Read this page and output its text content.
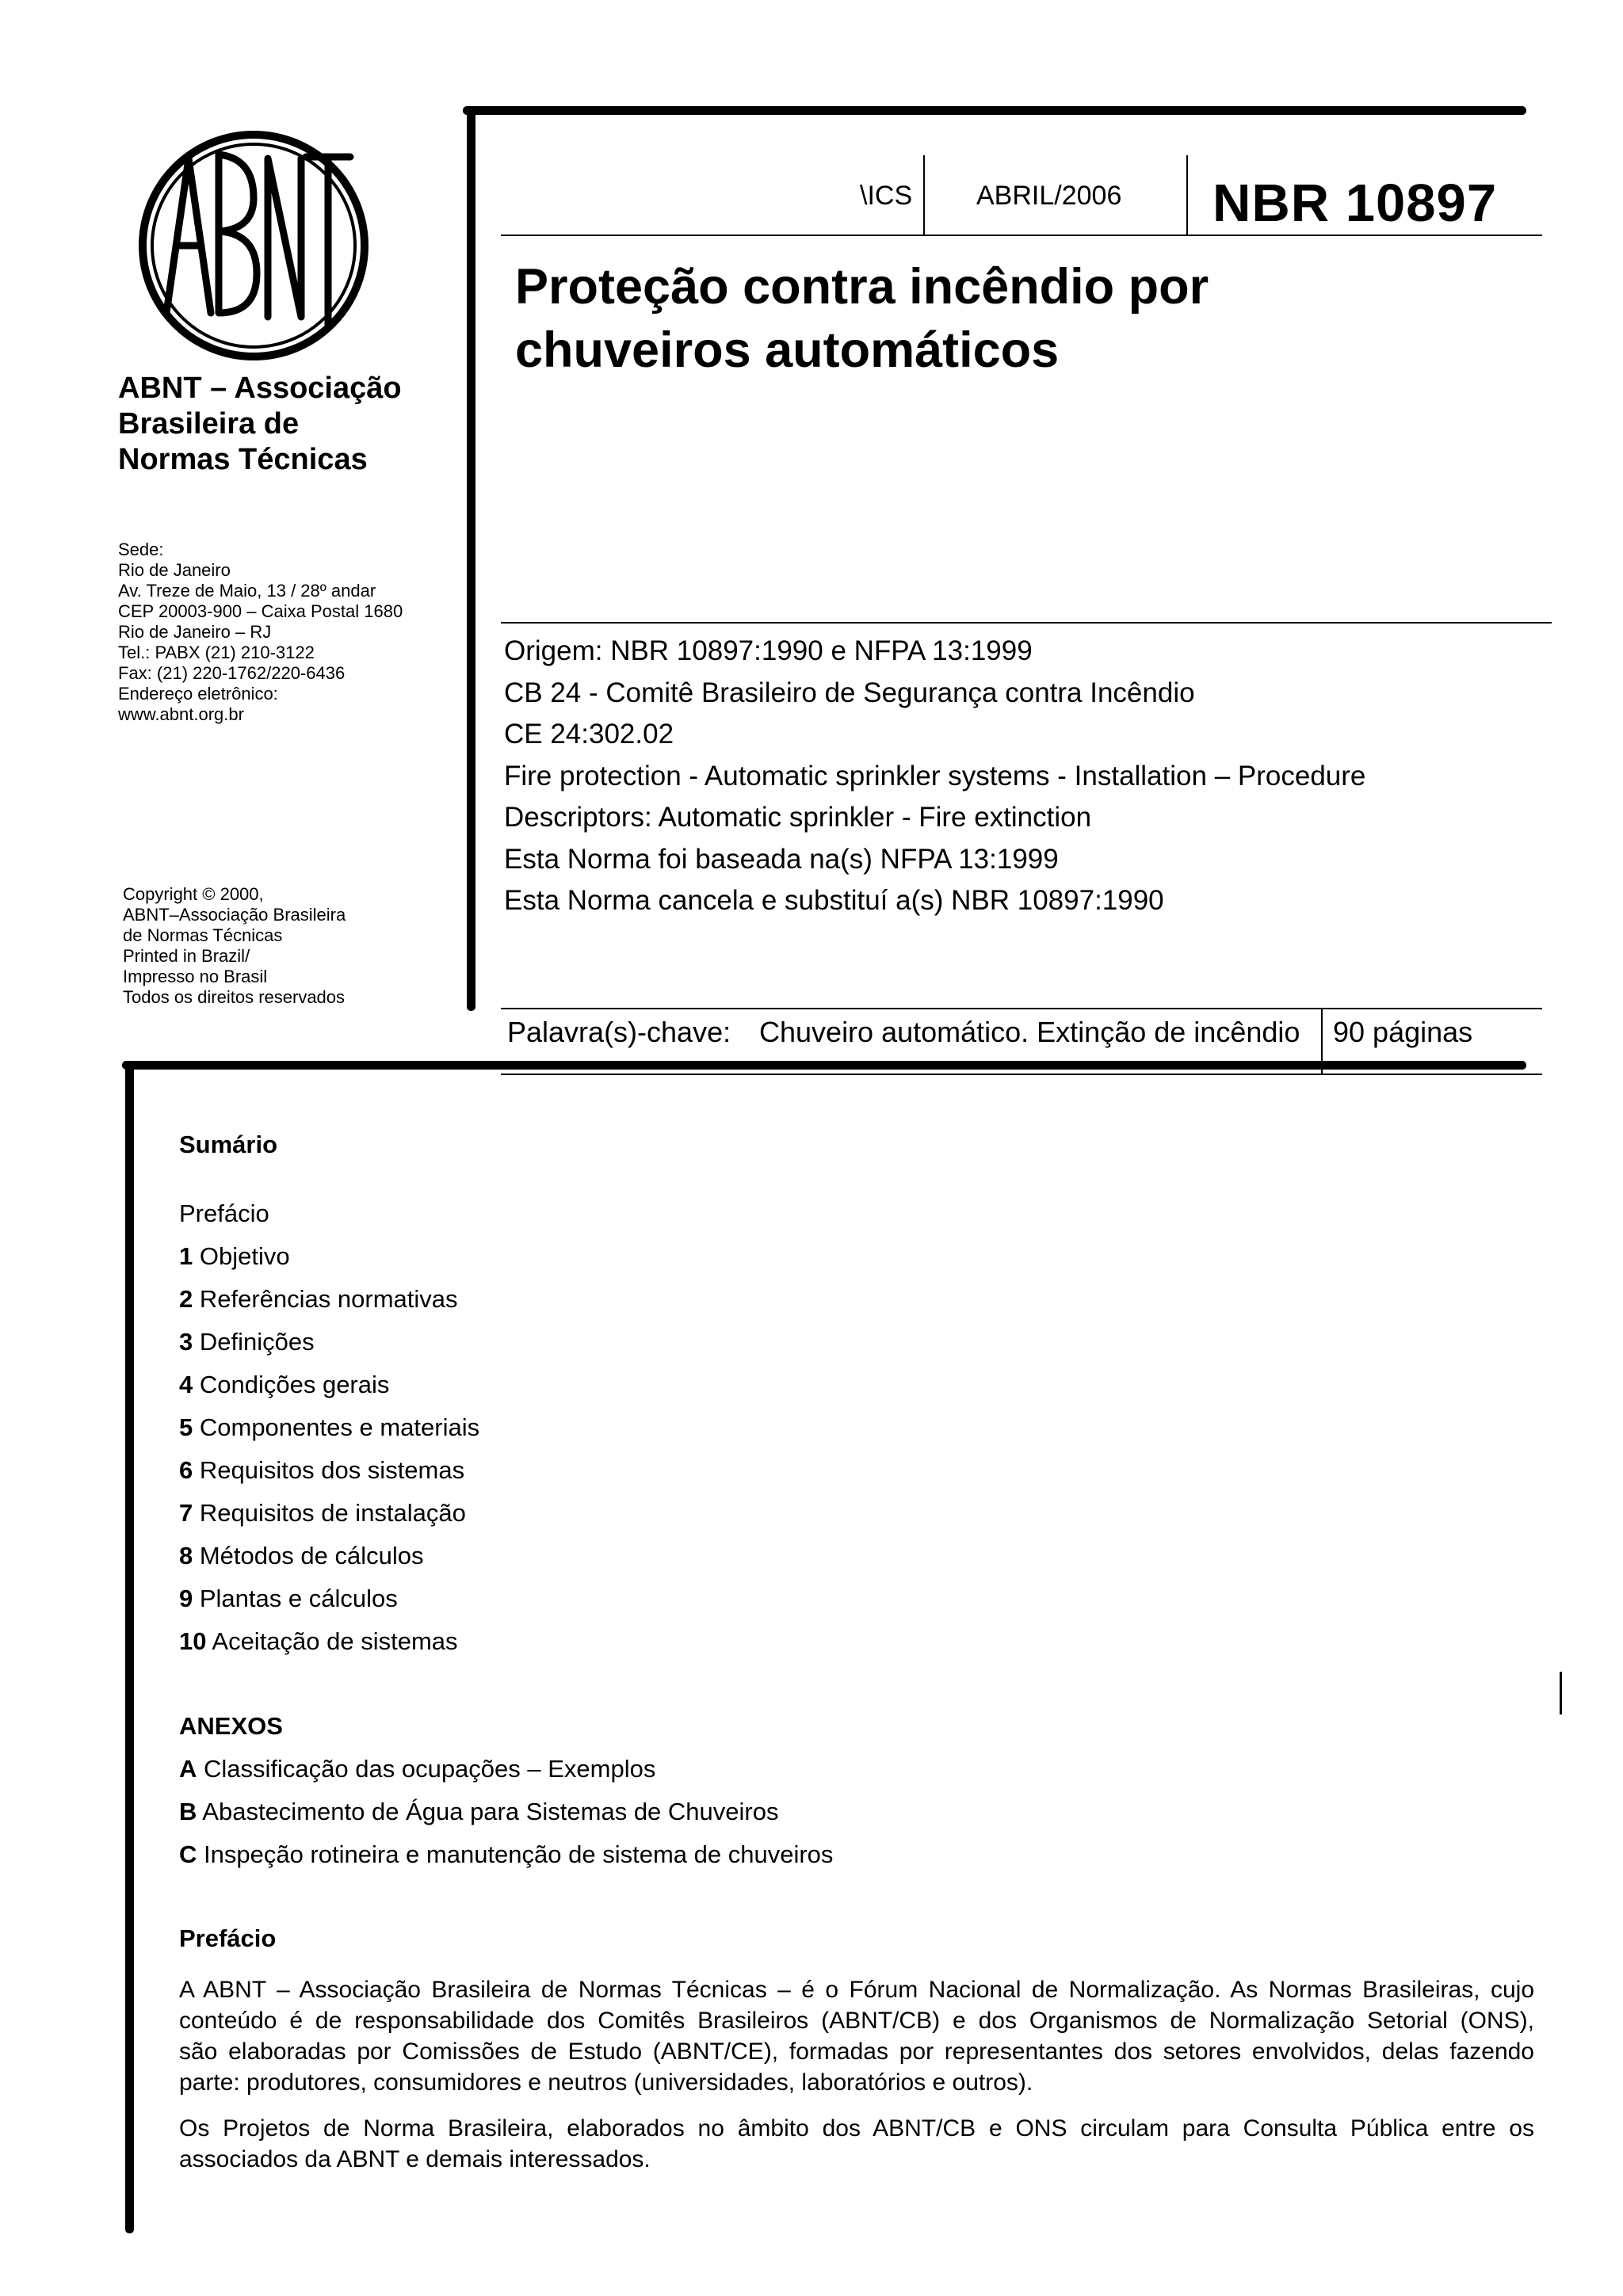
ABNT – Associação
Brasileira de
Normas Técnicas
Sede:
Rio de Janeiro
Av. Treze de Maio, 13 / 28º andar
CEP 20003-900 – Caixa Postal 1680
Rio de Janeiro – RJ
Tel.: PABX (21) 210-3122
Fax: (21) 220-1762/220-6436
Endereço eletrônico:
www.abnt.org.br
Copyright © 2000,
ABNT–Associação Brasileira
de Normas Técnicas
Printed in Brazil/
Impresso no Brasil
Todos os direitos reservados
\ICS ABRIL/2006 NBR 10897
Proteção contra incêndio por
chuveiros automáticos
Origem: NBR 10897:1990 e NFPA 13:1999
CB 24 - Comitê Brasileiro de Segurança contra Incêndio
CE 24:302.02
Fire protection - Automatic sprinkler systems - Installation – Procedure
Descriptors: Automatic sprinkler - Fire extinction
Esta Norma foi baseada na(s) NFPA 13:1999
Esta Norma cancela e substituí a(s) NBR 10897:1990
Palavra(s)-chave: Chuveiro automático. Extinção de incêndio 90 páginas
Sumário
Prefácio
1 Objetivo
2 Referências normativas
3 Definições
4 Condições gerais
5 Componentes e materiais
6 Requisitos dos sistemas
7 Requisitos de instalação
8 Métodos de cálculos
9 Plantas e cálculos
10 Aceitação de sistemas
ANEXOS
A Classificação das ocupações – Exemplos
B Abastecimento de Água para Sistemas de Chuveiros
C Inspeção rotineira e manutenção de sistema de chuveiros
Prefácio
A ABNT – Associação Brasileira de Normas Técnicas – é o Fórum Nacional de Normalização. As Normas Brasileiras, cujo
conteúdo é de responsabilidade dos Comitês Brasileiros (ABNT/CB) e dos Organismos de Normalização Setorial (ONS),
são elaboradas por Comissões de Estudo (ABNT/CE), formadas por representantes dos setores envolvidos, delas fazendo
parte: produtores, consumidores e neutros (universidades, laboratórios e outros).
Os Projetos de Norma Brasileira, elaborados no âmbito dos ABNT/CB e ONS circulam para Consulta Pública entre os
associados da ABNT e demais interessados.
